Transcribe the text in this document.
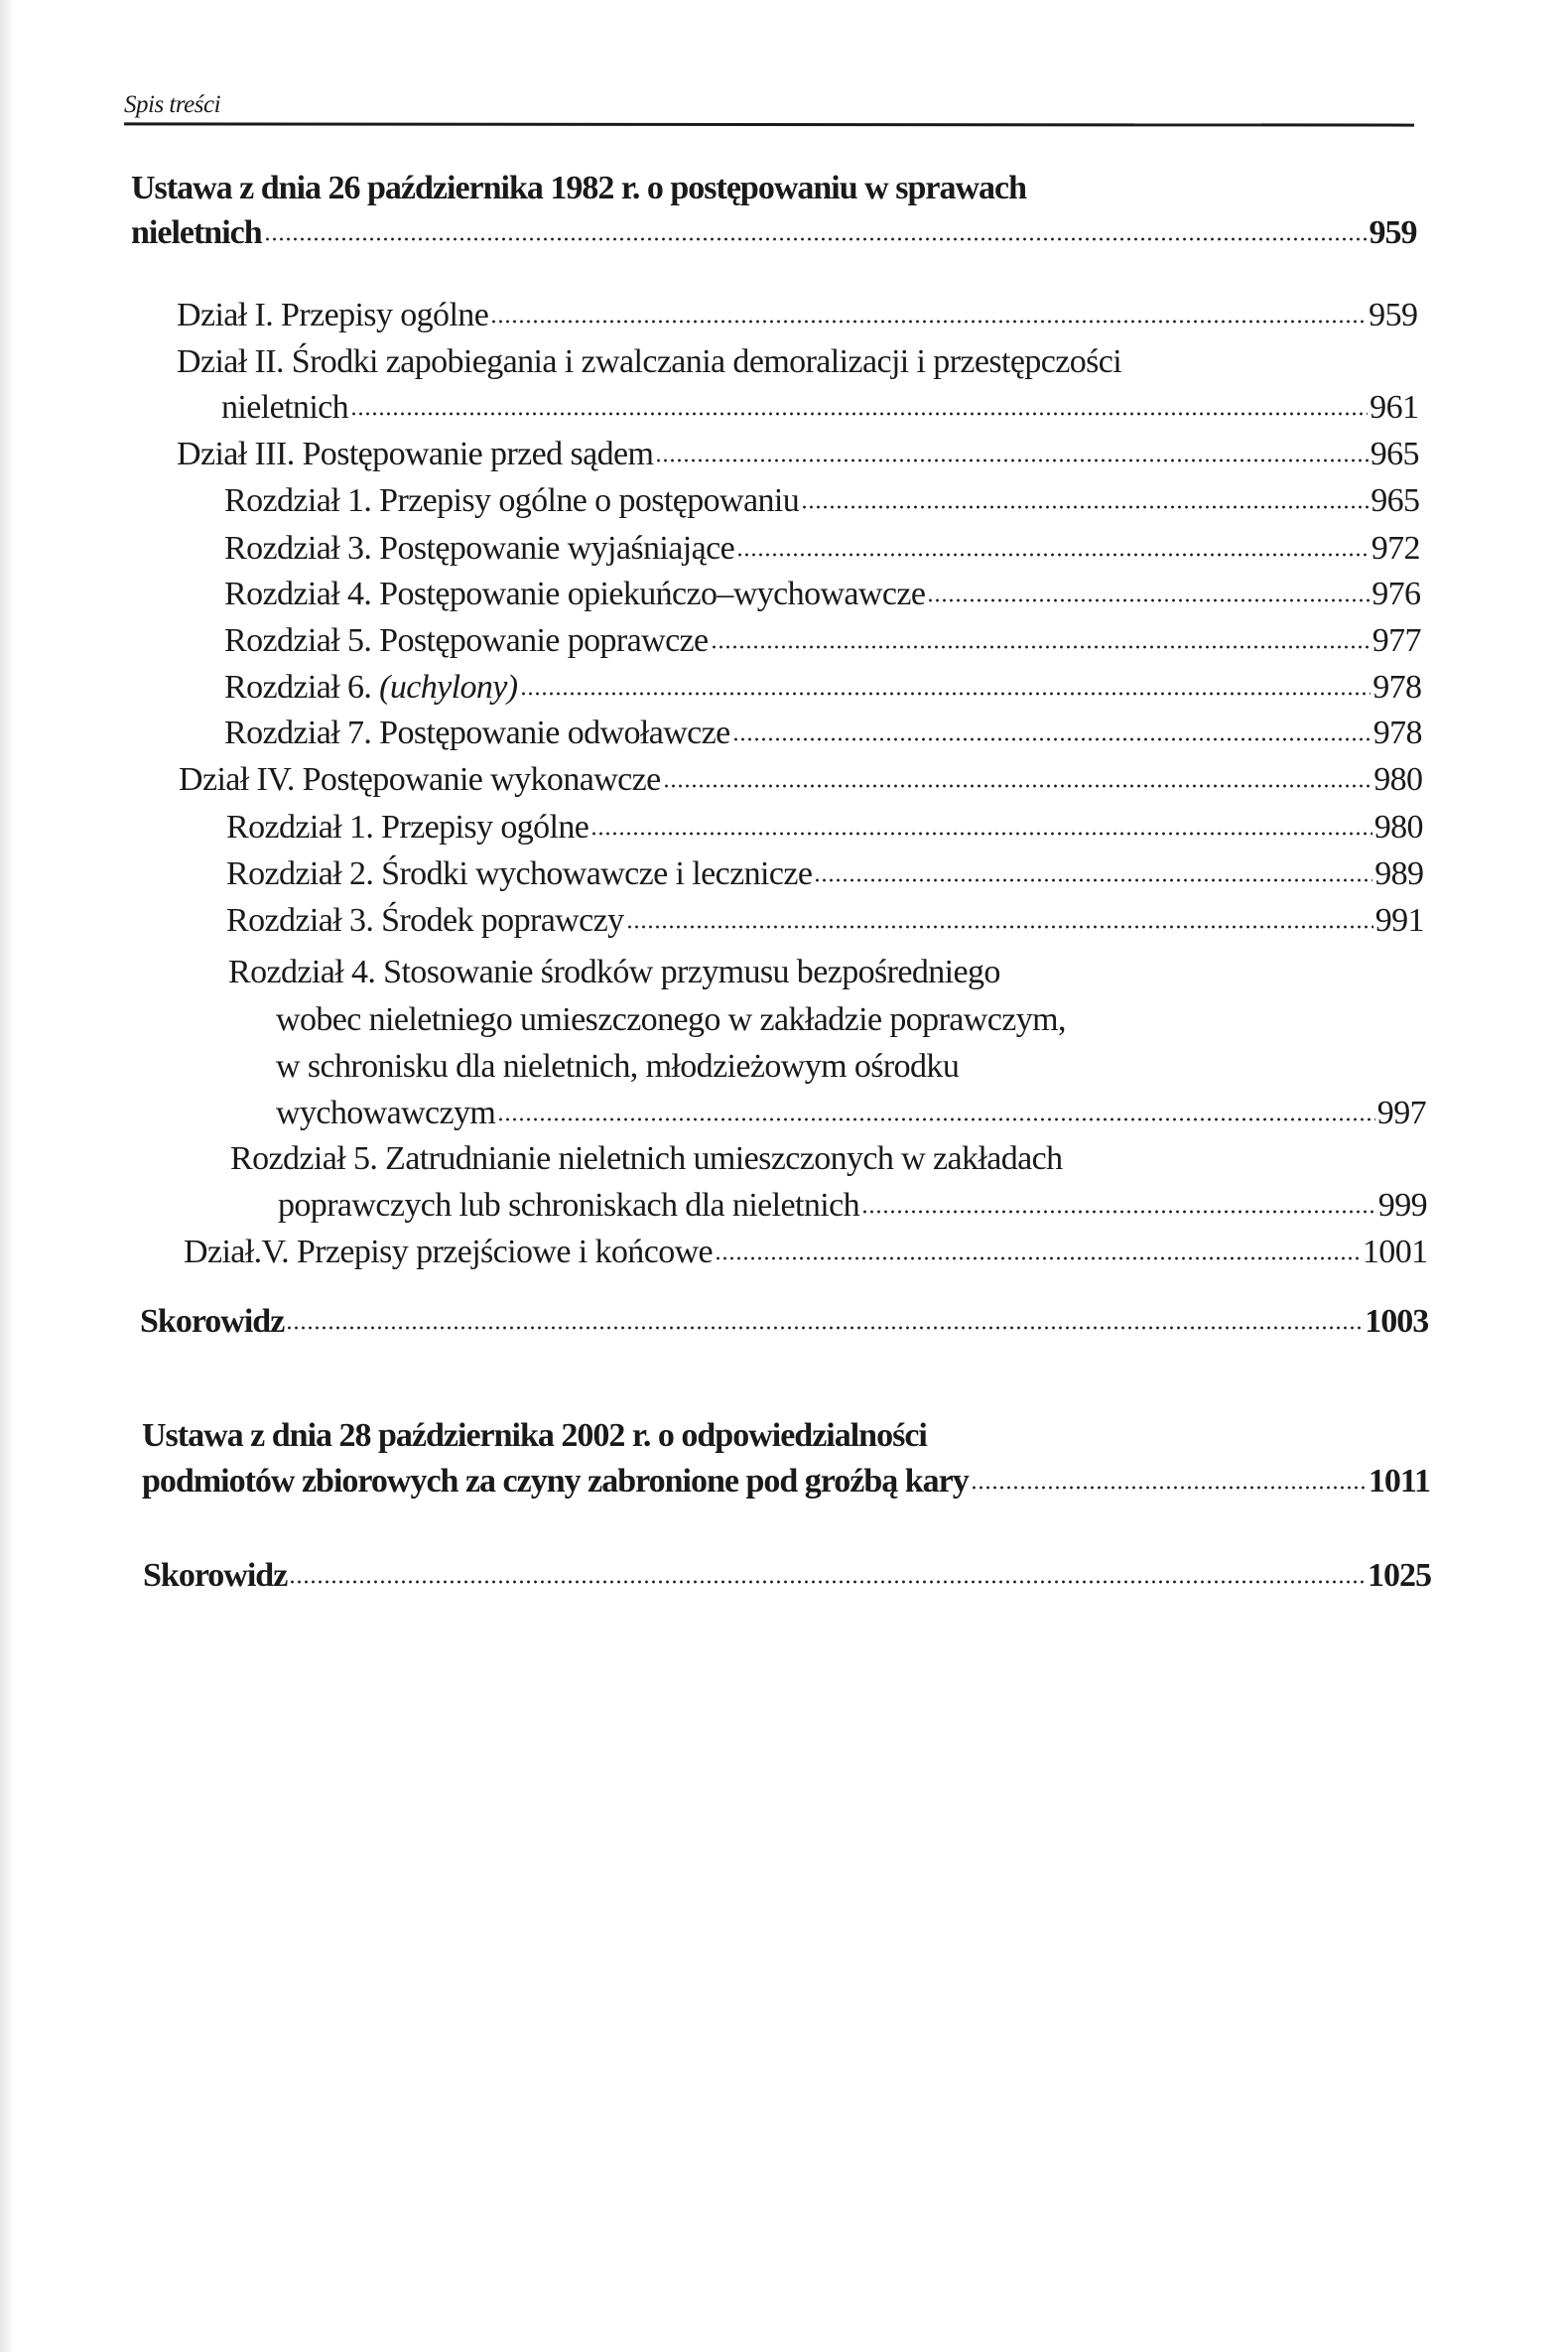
Spis treści
Ustawa z dnia 26 października 1982 r. o postępowaniu w sprawach
nieletnich	959
Dział I. Przepisy ogólne	959
Dział II. Środki zapobiegania i zwalczania demoralizacji i przestępczości
nieletnich	961
Dział III. Postępowanie przed sądem	965
Rozdział 1. Przepisy ogólne o postępowaniu	965
Rozdział 3. Postępowanie wyjaśniające	972
Rozdział 4. Postępowanie opiekuńczo–wychowawcze	976
Rozdział 5. Postępowanie poprawcze	977
Rozdział 6. (uchylony)	978
Rozdział 7. Postępowanie odwoławcze	978
Dział IV. Postępowanie wykonawcze	980
Rozdział 1. Przepisy ogólne	980
Rozdział 2. Środki wychowawcze i lecznicze	989
Rozdział 3. Środek poprawczy	991
Rozdział 4. Stosowanie środków przymusu bezpośredniego
wobec nieletniego umieszczonego w zakładzie poprawczym,
w schronisku dla nieletnich, młodzieżowym ośrodku
wychowawczym	997
Rozdział 5. Zatrudnianie nieletnich umieszczonych w zakładach
poprawczych lub schroniskach dla nieletnich	999
Dział.V. Przepisy przejściowe i końcowe	1001
Skorowidz	1003
Ustawa z dnia 28 października 2002 r. o odpowiedzialności
podmiotów zbiorowych za czyny zabronione pod groźbą kary	1011
Skorowidz	1025
